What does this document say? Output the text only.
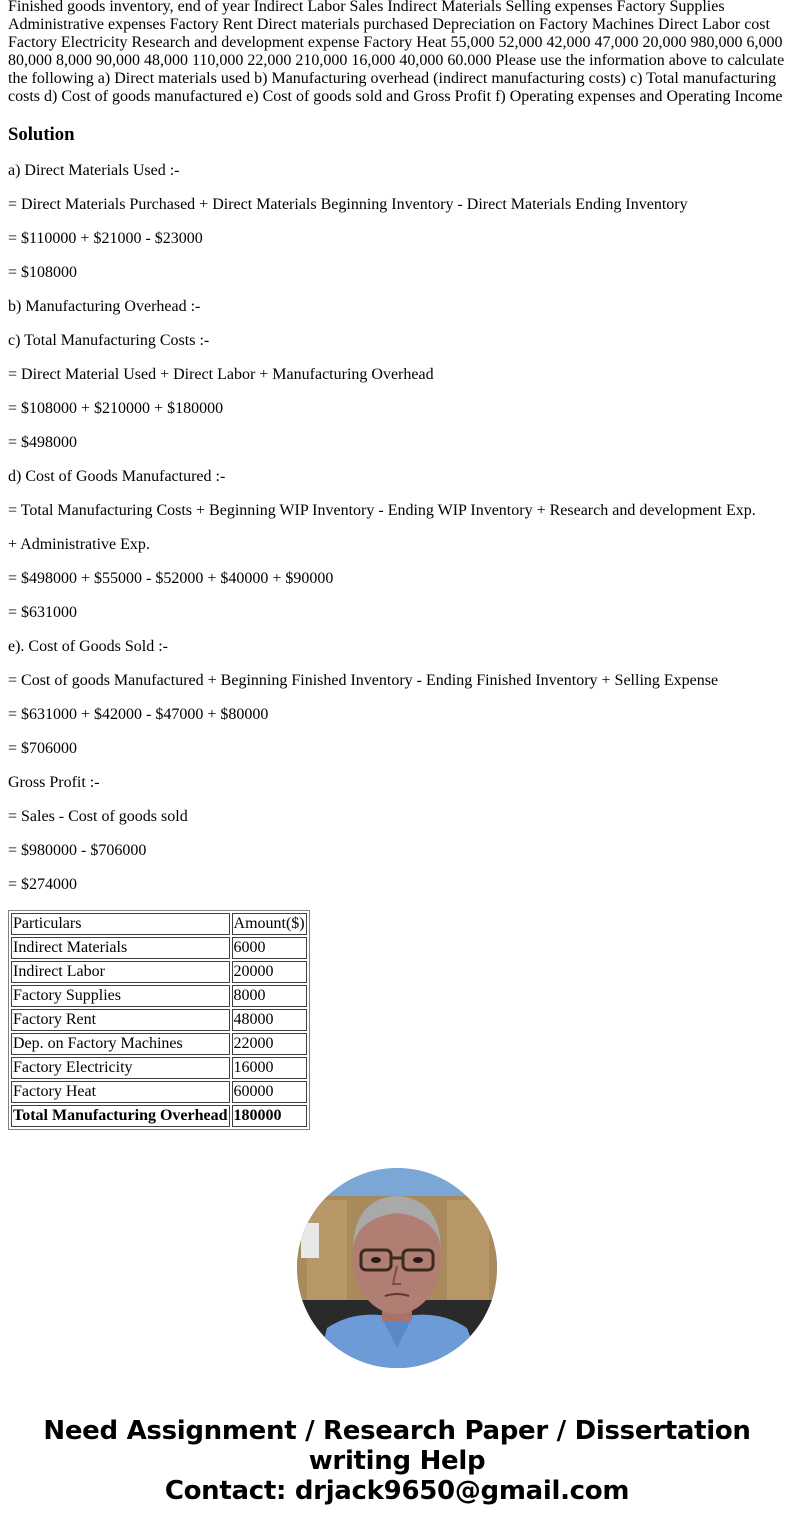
Finished goods inventory, end of year Indirect Labor Sales Indirect Materials Selling expenses Factory Supplies Administrative expenses Factory Rent Direct materials purchased Depreciation on Factory Machines Direct Labor cost Factory Electricity Research and development expense Factory Heat 55,000 52,000 42,000 47,000 20,000 980,000 6,000 80,000 8,000 90,000 48,000 110,000 22,000 210,000 16,000 40,000 60.000 Please use the information above to calculate the following a) Direct materials used b) Manufacturing overhead (indirect manufacturing costs) c) Total manufacturing costs d) Cost of goods manufactured e) Cost of goods sold and Gross Profit f) Operating expenses and Operating Income

Solution

a) Direct Materials Used :-

= Direct Materials Purchased + Direct Materials Beginning Inventory - Direct Materials Ending Inventory

= $110000 + $21000 - $23000

= $108000

b) Manufacturing Overhead :-

c) Total Manufacturing Costs :-

= Direct Material Used + Direct Labor + Manufacturing Overhead

= $108000 + $210000 + $180000

= $498000

d) Cost of Goods Manufactured :-

= Total Manufacturing Costs + Beginning WIP Inventory - Ending WIP Inventory + Research and development Exp.

+ Administrative Exp.

= $498000 + $55000 - $52000 + $40000 + $90000

= $631000

e). Cost of Goods Sold :-

= Cost of goods Manufactured + Beginning Finished Inventory - Ending Finished Inventory + Selling Expense

= $631000 + $42000 - $47000 + $80000

= $706000

Gross Profit :-

= Sales - Cost of goods sold

= $980000 - $706000

= $274000

Particulars	Amount($)
Indirect Materials	6000
Indirect Labor	20000
Factory Supplies	8000
Factory Rent	48000
Dep. on Factory Machines	22000
Factory Electricity	16000
Factory Heat	60000
Total Manufacturing Overhead	180000
Need Assignment / Research Paper / Dissertation
writing Help
Contact: drjack9650@gmail.com
